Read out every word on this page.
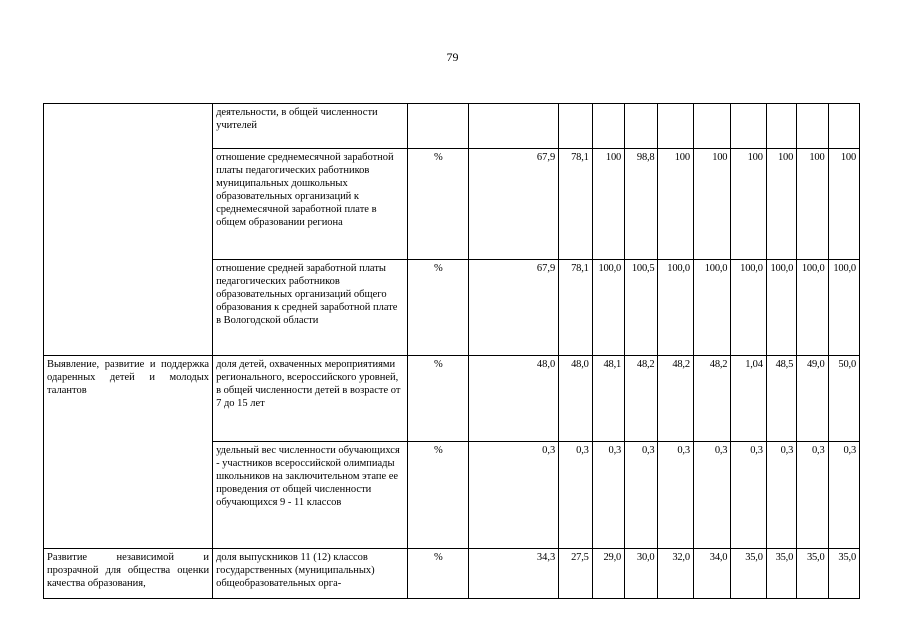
79
	деятельности, в общей численности учителей											
	отношение среднемесячной заработной платы педагогических работников муниципальных дошкольных образовательных организаций к среднемесячной заработной плате в общем образовании региона	%	67,9	78,1	100	98,8	100	100	100	100	100	100
	отношение средней заработной платы педагогических работников образовательных организаций общего образования к средней заработной плате в Вологодской области	%	67,9	78,1	100,0	100,5	100,0	100,0	100,0	100,0	100,0	100,0
Выявление, развитие и поддержка одаренных детей и молодых талантов	доля детей, охваченных мероприятиями регионального, всероссийского уровней, в общей численности детей в возрасте от 7 до 15 лет	%	48,0	48,0	48,1	48,2	48,2	48,2	1,04	48,5	49,0	50,0
	удельный вес численности обучающихся - участников всероссийской олимпиады школьников на заключительном этапе ее проведения от общей численности обучающихся 9 - 11 классов	%	0,3	0,3	0,3	0,3	0,3	0,3	0,3	0,3	0,3	0,3
Развитие независимой и прозрачной для общества оценки качества образования,	доля выпускников 11 (12) классов государственных (муниципальных) общеобразовательных орга-	%	34,3	27,5	29,0	30,0	32,0	34,0	35,0	35,0	35,0	35,0
